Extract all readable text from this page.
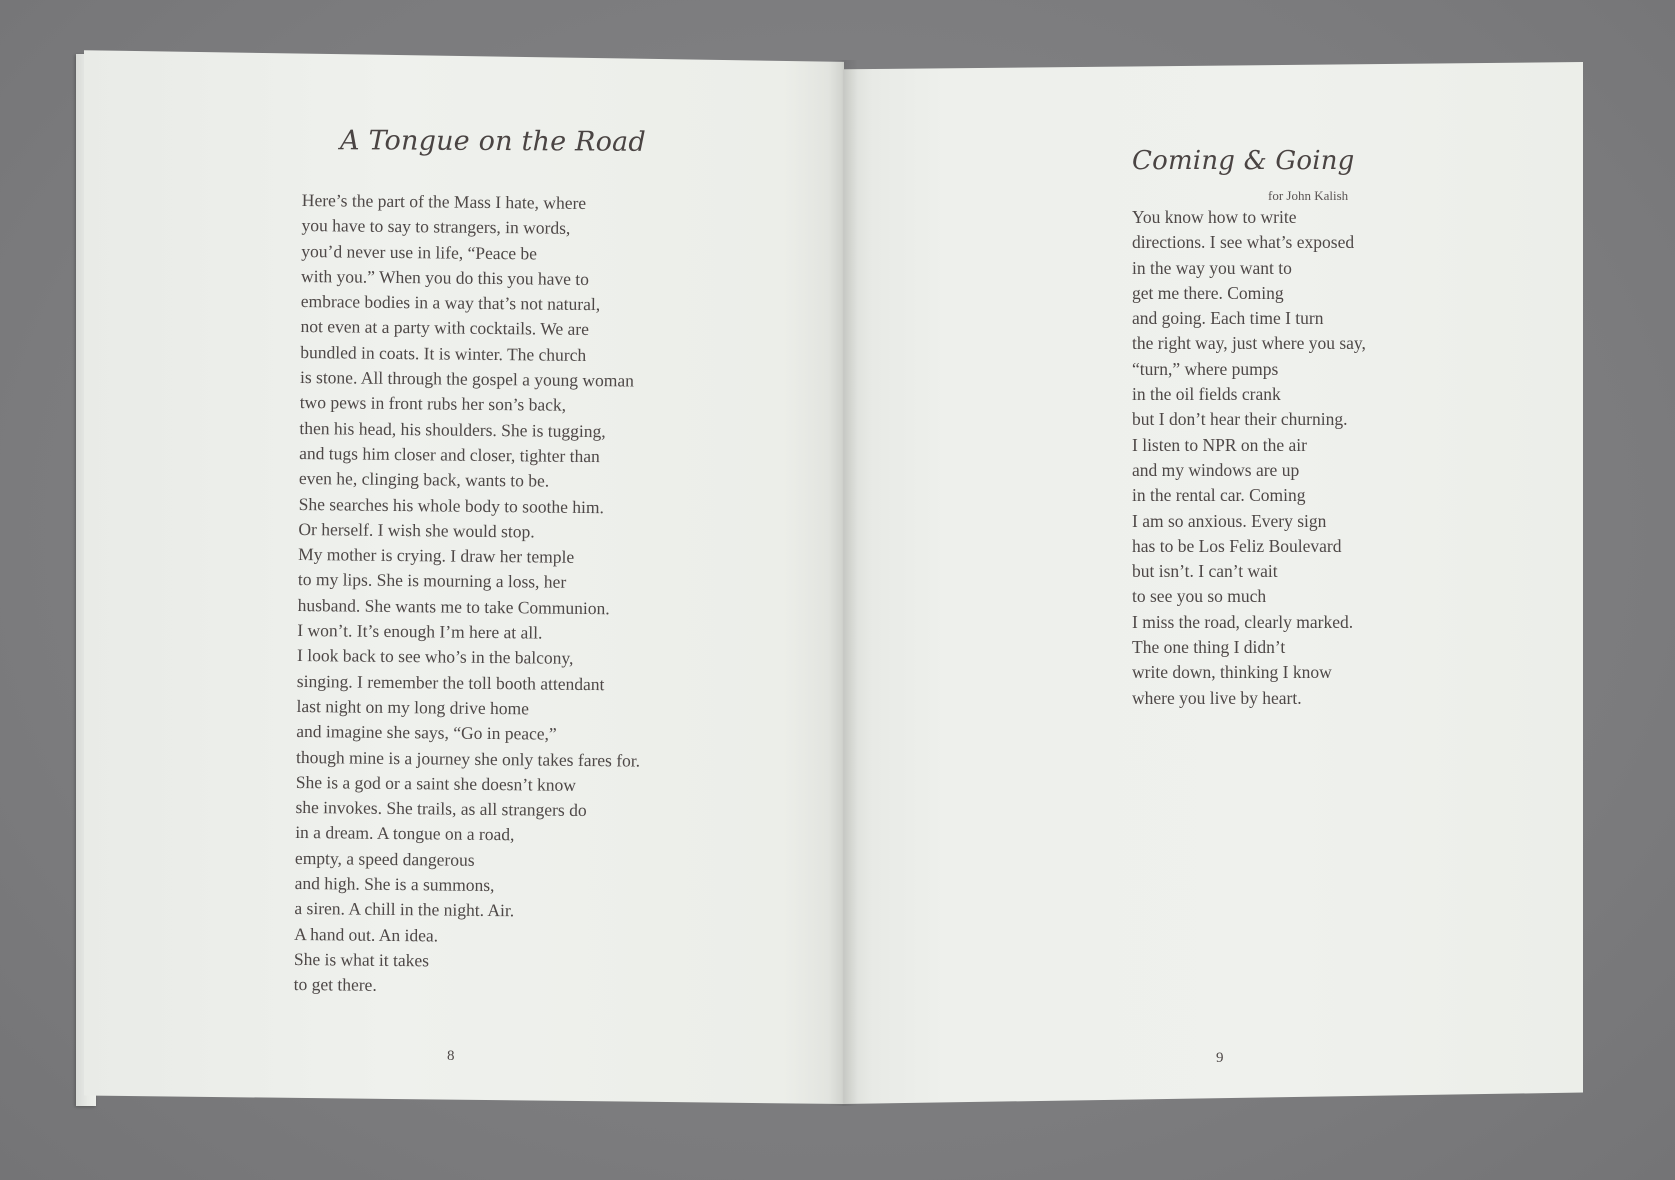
A Tongue on the Road
Here’s the part of the Mass I hate, where
you have to say to strangers, in words,
you’d never use in life, “Peace be
with you.” When you do this you have to
embrace bodies in a way that’s not natural,
not even at a party with cocktails. We are
bundled in coats. It is winter. The church
is stone. All through the gospel a young woman
two pews in front rubs her son’s back,
then his head, his shoulders. She is tugging,
and tugs him closer and closer, tighter than
even he, clinging back, wants to be.
She searches his whole body to soothe him.
Or herself. I wish she would stop.
My mother is crying. I draw her temple
to my lips. She is mourning a loss, her
husband. She wants me to take Communion.
I won’t. It’s enough I’m here at all.
I look back to see who’s in the balcony,
singing. I remember the toll booth attendant
last night on my long drive home
and imagine she says, “Go in peace,”
though mine is a journey she only takes fares for.
She is a god or a saint she doesn’t know
she invokes. She trails, as all strangers do
in a dream. A tongue on a road,
empty, a speed dangerous
and high. She is a summons,
a siren. A chill in the night. Air.
A hand out. An idea.
She is what it takes
to get there.
8
Coming & Going
for John Kalish
You know how to write
directions. I see what’s exposed
in the way you want to
get me there. Coming
and going. Each time I turn
the right way, just where you say,
“turn,” where pumps
in the oil fields crank
but I don’t hear their churning.
I listen to NPR on the air
and my windows are up
in the rental car. Coming
I am so anxious. Every sign
has to be Los Feliz Boulevard
but isn’t. I can’t wait
to see you so much
I miss the road, clearly marked.
The one thing I didn’t
write down, thinking I know
where you live by heart.
9
